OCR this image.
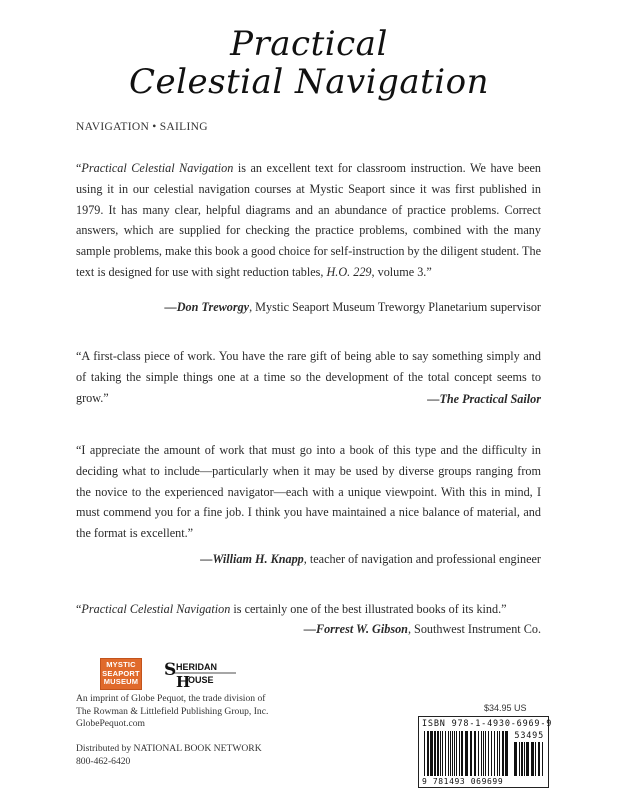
Practical
Celestial Navigation
NAVIGATION • SAILING

“Practical Celestial Navigation is an excellent text for classroom instruction. We have been using it in our celestial navigation courses at Mystic Seaport since it was first published in 1979. It has many clear, helpful diagrams and an abundance of practice problems. Correct answers, which are supplied for checking the practice problems, combined with the many sample problems, make this book a good choice for self-instruction by the diligent student. The text is designed for use with sight reduction tables, H.O. 229, volume 3.”

—Don Treworgy, Mystic Seaport Museum Treworgy Planetarium supervisor

“A first-class piece of work. You have the rare gift of being able to say something simply and of taking the simple things one at a time so the development of the total concept seems to grow.”	—The Practical Sailor

“I appreciate the amount of work that must go into a book of this type and the difficulty in deciding what to include—particularly when it may be used by diverse groups ranging from the novice to the experienced navigator—each with a unique viewpoint. With this in mind, I must commend you for a fine job. I think you have maintained a nice balance of material, and the format is excellent.”

—William H. Knapp, teacher of navigation and professional engineer

“Practical Celestial Navigation is certainly one of the best illustrated books of its kind.”

—Forrest W. Gibson, Southwest Instrument Co.
MYSTIC
SEAPORT
MUSEUM
S HERIDAN
H
OUSE
An imprint of Globe Pequot, the trade division of
The Rowman & Littlefield Publishing Group, Inc.
GlobePequot.com
Distributed by NATIONAL BOOK NETWORK
800-462-6420
$34.95 US
ISBN 978-1-4930-6969-9
53495
9 781493 069699
